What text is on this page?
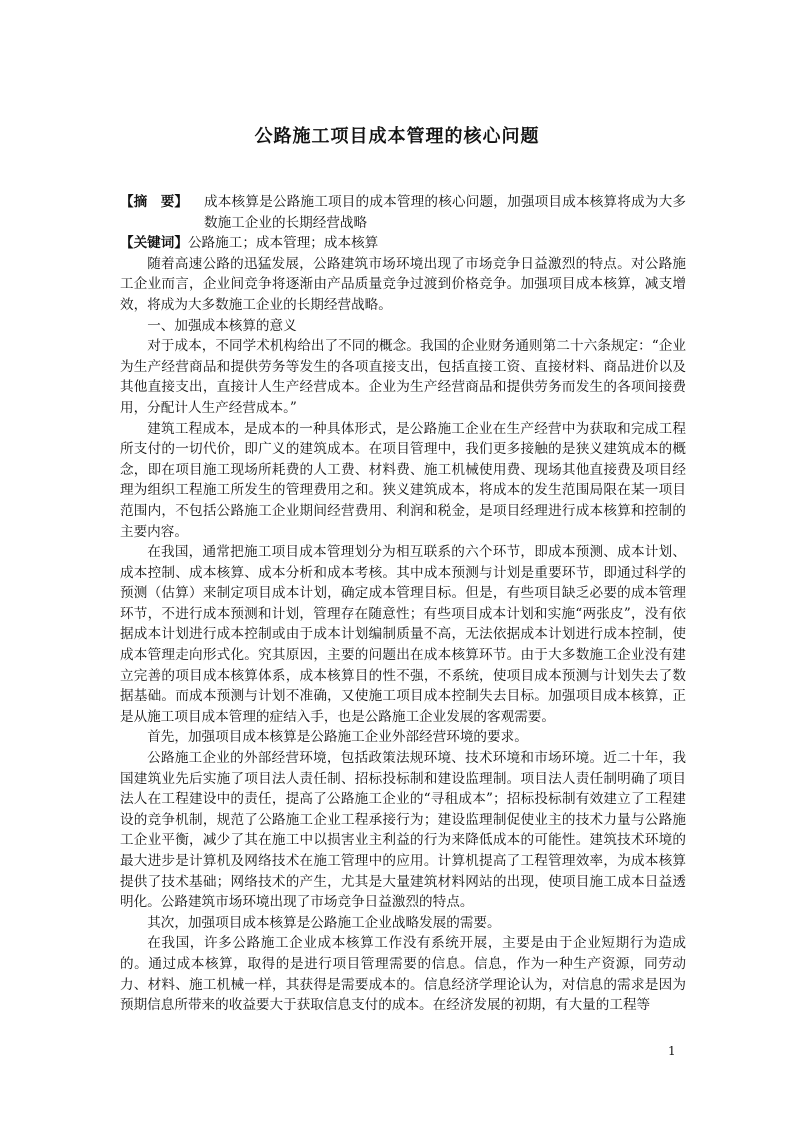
公路施工项目成本管理的核心问题
【摘　要】	成本核算是公路施工项目的成本管理的核心问题，加强项目成本核算将成为大多数施工企业的长期经营战略
【关键词】公路施工；成本管理；成本核算

随着高速公路的迅猛发展，公路建筑市场环境出现了市场竞争日益激烈的特点。对公路施工企业而言，企业间竞争将逐渐由产品质量竞争过渡到价格竞争。加强项目成本核算，减支增效，将成为大多数施工企业的长期经营战略。

一、加强成本核算的意义

对于成本，不同学术机构给出了不同的概念。我国的企业财务通则第二十六条规定：“企业为生产经营商品和提供劳务等发生的各项直接支出，包括直接工资、直接材料、商品进价以及其他直接支出，直接计人生产经营成本。企业为生产经营商品和提供劳务而发生的各项间接费用，分配计人生产经营成本。”

建筑工程成本，是成本的一种具体形式，是公路施工企业在生产经营中为获取和完成工程所支付的一切代价，即广义的建筑成本。在项目管理中，我们更多接触的是狭义建筑成本的概念，即在项目施工现场所耗费的人工费、材料费、施工机械使用费、现场其他直接费及项目经理为组织工程施工所发生的管理费用之和。狭义建筑成本，将成本的发生范围局限在某一项目范围内，不包括公路施工企业期间经营费用、利润和税金，是项目经理进行成本核算和控制的主要内容。

在我国，通常把施工项目成本管理划分为相互联系的六个环节，即成本预测、成本计划、成本控制、成本核算、成本分析和成本考核。其中成本预测与计划是重要环节，即通过科学的预测（估算）来制定项目成本计划，确定成本管理目标。但是，有些项目缺乏必要的成本管理环节，不进行成本预测和计划，管理存在随意性；有些项目成本计划和实施“两张皮”，没有依据成本计划进行成本控制或由于成本计划编制质量不高，无法依据成本计划进行成本控制，使成本管理走向形式化。究其原因，主要的问题出在成本核算环节。由于大多数施工企业没有建立完善的项目成本核算体系，成本核算目的性不强，不系统，使项目成本预测与计划失去了数据基础。而成本预测与计划不准确，又使施工项目成本控制失去目标。加强项目成本核算，正是从施工项目成本管理的症结入手，也是公路施工企业发展的客观需要。

首先，加强项目成本核算是公路施工企业外部经营环境的要求。

公路施工企业的外部经营环境，包括政策法规环境、技术环境和市场环境。近二十年，我国建筑业先后实施了项目法人责任制、招标投标制和建设监理制。项目法人责任制明确了项目法人在工程建设中的责任，提高了公路施工企业的“寻租成本”；招标投标制有效建立了工程建设的竞争机制，规范了公路施工企业工程承接行为；建设监理制促使业主的技术力量与公路施工企业平衡，减少了其在施工中以损害业主利益的行为来降低成本的可能性。建筑技术环境的最大进步是计算机及网络技术在施工管理中的应用。计算机提高了工程管理效率，为成本核算提供了技术基础；网络技术的产生，尤其是大量建筑材料网站的出现，使项目施工成本日益透明化。公路建筑市场环境出现了市场竞争日益激烈的特点。

其次，加强项目成本核算是公路施工企业战略发展的需要。

在我国，许多公路施工企业成本核算工作没有系统开展，主要是由于企业短期行为造成的。通过成本核算，取得的是进行项目管理需要的信息。信息，作为一种生产资源，同劳动力、材料、施工机械一样，其获得是需要成本的。信息经济学理论认为，对信息的需求是因为预期信息所带来的收益要大于获取信息支付的成本。在经济发展的初期，有大量的工程等

1
